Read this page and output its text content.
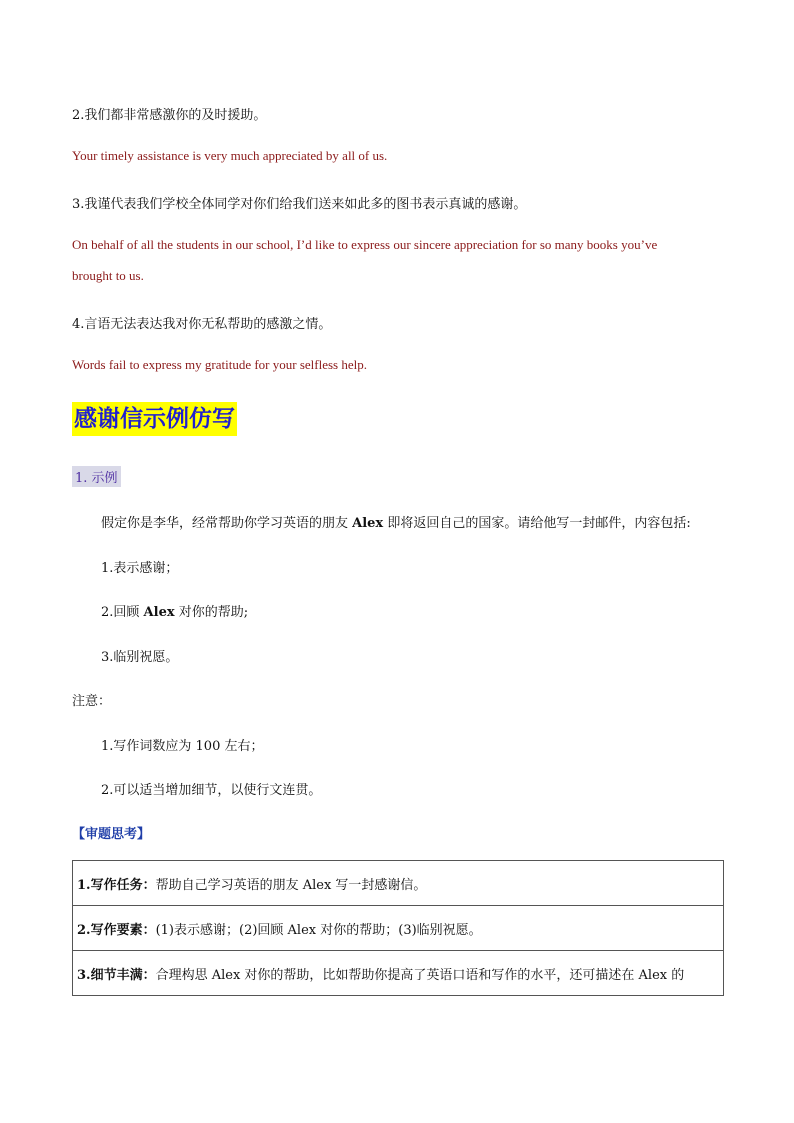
2.我们都非常感激你的及时援助。
Your timely assistance is very much appreciated by all of us.
3.我谨代表我们学校全体同学对你们给我们送来如此多的图书表示真诚的感谢。
On behalf of all the students in our school, I’d like to express our sincere appreciation for so many books you’ve
brought to us.
4.言语无法表达我对你无私帮助的感激之情。
Words fail to express my gratitude for your selfless help.
感谢信示例仿写
1. 示例
假定你是李华，经常帮助你学习英语的朋友 Alex 即将返回自己的国家。请给他写一封邮件，内容包括:
1.表示感谢；
2.回顾 Alex 对你的帮助;
3.临别祝愿。
注意：
1.写作词数应为 100 左右；
2.可以适当增加细节，以使行文连贯。
【审题思考】
1.写作任务：帮助自己学习英语的朋友 Alex 写一封感谢信。
2.写作要素：(1)表示感谢；(2)回顾 Alex 对你的帮助；(3)临别祝愿。
3.细节丰满：合理构思 Alex 对你的帮助，比如帮助你提高了英语口语和写作的水平，还可描述在 Alex 的
